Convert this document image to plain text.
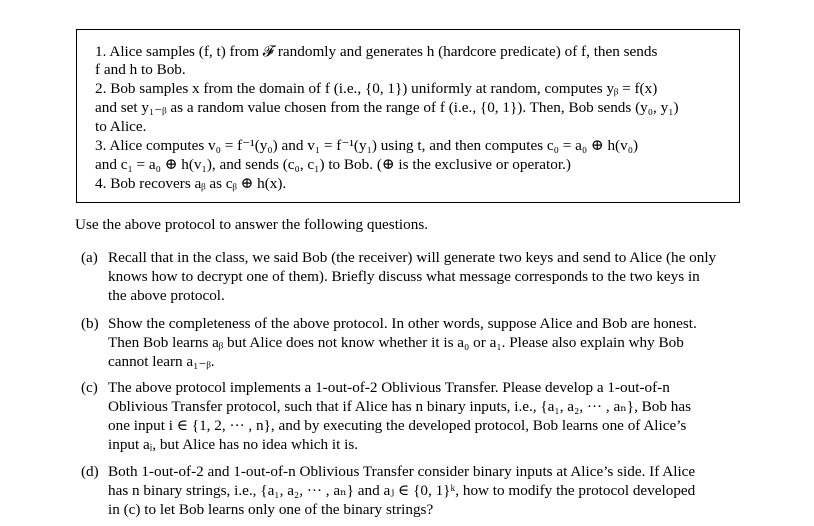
1. Alice samples (f, t) from 𝓕 randomly and generates h (hardcore predicate) of f, then sends
f and h to Bob.
2. Bob samples x from the domain of f (i.e., {0, 1}) uniformly at random, computes yᵦ = f(x)
and set y₁₋ᵦ as a random value chosen from the range of f (i.e., {0, 1}). Then, Bob sends (y₀, y₁)
to Alice.
3. Alice computes v₀ = f⁻¹(y₀) and v₁ = f⁻¹(y₁) using t, and then computes c₀ = a₀ ⊕ h(v₀)
and c₁ = a₀ ⊕ h(v₁), and sends (c₀, c₁) to Bob. (⊕ is the exclusive or operator.)
4. Bob recovers aᵦ as cᵦ ⊕ h(x).
Use the above protocol to answer the following questions.
(a) Recall that in the class, we said Bob (the receiver) will generate two keys and send to Alice (he only
knows how to decrypt one of them). Briefly discuss what message corresponds to the two keys in
the above protocol.
(b) Show the completeness of the above protocol. In other words, suppose Alice and Bob are honest.
Then Bob learns aᵦ but Alice does not know whether it is a₀ or a₁. Please also explain why Bob
cannot learn a₁₋ᵦ.
(c) The above protocol implements a 1-out-of-2 Oblivious Transfer. Please develop a 1-out-of-n
Oblivious Transfer protocol, such that if Alice has n binary inputs, i.e., {a₁, a₂, ··· , aₙ}, Bob has
one input i ∈ {1, 2, ··· , n}, and by executing the developed protocol, Bob learns one of Alice’s
input aᵢ, but Alice has no idea which it is.
(d) Both 1-out-of-2 and 1-out-of-n Oblivious Transfer consider binary inputs at Alice’s side. If Alice
has n binary strings, i.e., {a₁, a₂, ··· , aₙ} and aⱼ ∈ {0, 1}ᵏ, how to modify the protocol developed
in (c) to let Bob learns only one of the binary strings?
